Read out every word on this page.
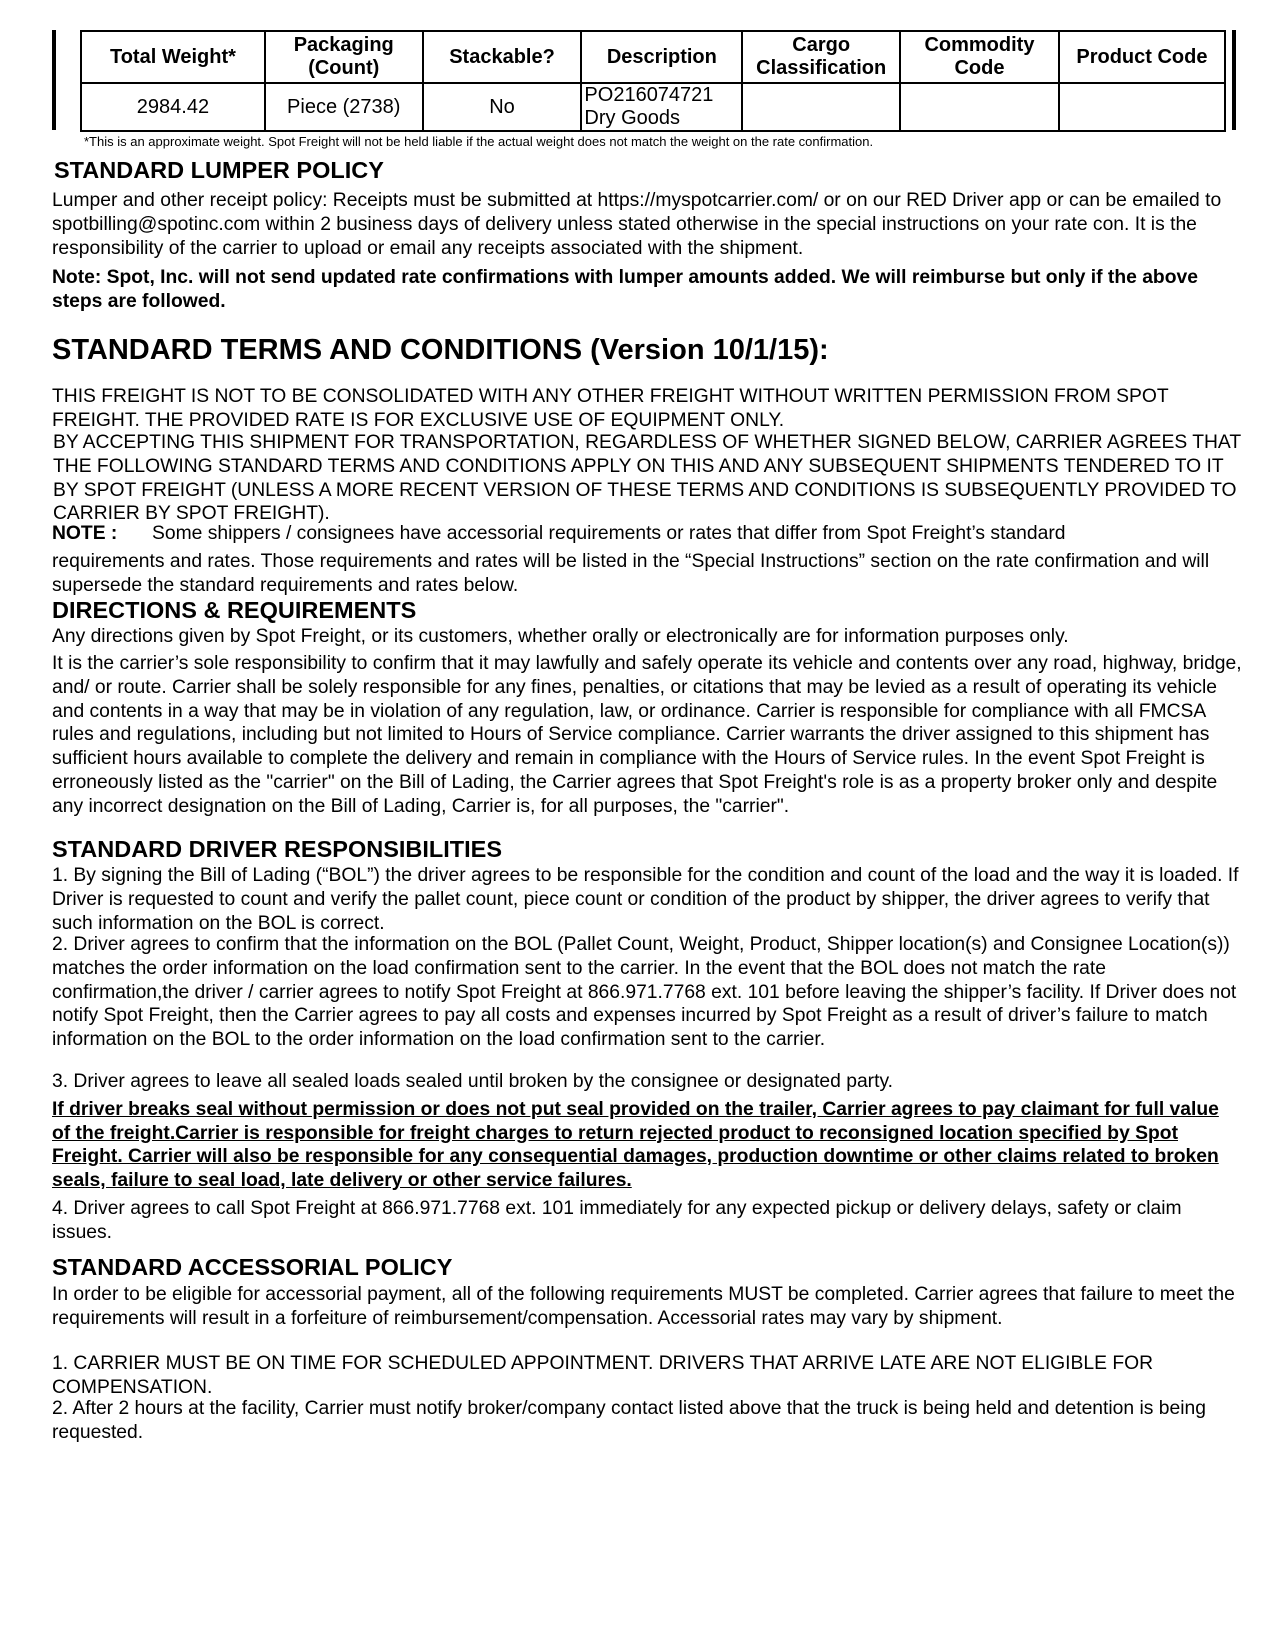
Total Weight*	Packaging (Count)	Stackable?	Description	Cargo Classification	Commodity Code	Product Code
2984.42	Piece (2738)	No	PO216074721
Dry Goods			

*This is an approximate weight. Spot Freight will not be held liable if the actual weight does not match the weight on the rate confirmation.
STANDARD LUMPER POLICY
Lumper and other receipt policy: Receipts must be submitted at https://myspotcarrier.com/ or on our RED Driver app or can be emailed to spotbilling@spotinc.com within 2 business days of delivery unless stated otherwise in the special instructions on your rate con. It is the responsibility of the carrier to upload or email any receipts associated with the shipment.
Note: Spot, Inc. will not send updated rate confirmations with lumper amounts added. We will reimburse but only if the above steps are followed.
STANDARD TERMS AND CONDITIONS (Version 10/1/15):
THIS FREIGHT IS NOT TO BE CONSOLIDATED WITH ANY OTHER FREIGHT WITHOUT WRITTEN PERMISSION FROM SPOT FREIGHT. THE PROVIDED RATE IS FOR EXCLUSIVE USE OF EQUIPMENT ONLY.
BY ACCEPTING THIS SHIPMENT FOR TRANSPORTATION, REGARDLESS OF WHETHER SIGNED BELOW, CARRIER AGREES THAT THE FOLLOWING STANDARD TERMS AND CONDITIONS APPLY ON THIS AND ANY SUBSEQUENT SHIPMENTS TENDERED TO IT BY SPOT FREIGHT (UNLESS A MORE RECENT VERSION OF THESE TERMS AND CONDITIONS IS SUBSEQUENTLY PROVIDED TO CARRIER BY SPOT FREIGHT).
NOTE : Some shippers / consignees have accessorial requirements or rates that differ from Spot Freight’s standard
requirements and rates. Those requirements and rates will be listed in the “Special Instructions” section on the rate confirmation and will supersede the standard requirements and rates below.
DIRECTIONS & REQUIREMENTS
Any directions given by Spot Freight, or its customers, whether orally or electronically are for information purposes only.
It is the carrier’s sole responsibility to confirm that it may lawfully and safely operate its vehicle and contents over any road, highway, bridge, and/ or route. Carrier shall be solely responsible for any fines, penalties, or citations that may be levied as a result of operating its vehicle and contents in a way that may be in violation of any regulation, law, or ordinance. Carrier is responsible for compliance with all FMCSA rules and regulations, including but not limited to Hours of Service compliance. Carrier warrants the driver assigned to this shipment has sufficient hours available to complete the delivery and remain in compliance with the Hours of Service rules. In the event Spot Freight is erroneously listed as the "carrier" on the Bill of Lading, the Carrier agrees that Spot Freight's role is as a property broker only and despite any incorrect designation on the Bill of Lading, Carrier is, for all purposes, the "carrier".
STANDARD DRIVER RESPONSIBILITIES
1. By signing the Bill of Lading (“BOL”) the driver agrees to be responsible for the condition and count of the load and the way it is loaded. If Driver is requested to count and verify the pallet count, piece count or condition of the product by shipper, the driver agrees to verify that such information on the BOL is correct.
2. Driver agrees to confirm that the information on the BOL (Pallet Count, Weight, Product, Shipper location(s) and Consignee Location(s)) matches the order information on the load confirmation sent to the carrier. In the event that the BOL does not match the rate confirmation,the driver / carrier agrees to notify Spot Freight at 866.971.7768 ext. 101 before leaving the shipper’s facility. If Driver does not notify Spot Freight, then the Carrier agrees to pay all costs and expenses incurred by Spot Freight as a result of driver’s failure to match information on the BOL to the order information on the load confirmation sent to the carrier.
3. Driver agrees to leave all sealed loads sealed until broken by the consignee or designated party.
If driver breaks seal without permission or does not put seal provided on the trailer, Carrier agrees to pay claimant for full value of the freight.Carrier is responsible for freight charges to return rejected product to reconsigned location specified by Spot Freight. Carrier will also be responsible for any consequential damages, production downtime or other claims related to broken seals, failure to seal load, late delivery or other service failures.
4. Driver agrees to call Spot Freight at 866.971.7768 ext. 101 immediately for any expected pickup or delivery delays, safety or claim issues.
STANDARD ACCESSORIAL POLICY
In order to be eligible for accessorial payment, all of the following requirements MUST be completed. Carrier agrees that failure to meet the requirements will result in a forfeiture of reimbursement/compensation. Accessorial rates may vary by shipment.
1. CARRIER MUST BE ON TIME FOR SCHEDULED APPOINTMENT. DRIVERS THAT ARRIVE LATE ARE NOT ELIGIBLE FOR COMPENSATION.
2. After 2 hours at the facility, Carrier must notify broker/company contact listed above that the truck is being held and detention is being requested.
